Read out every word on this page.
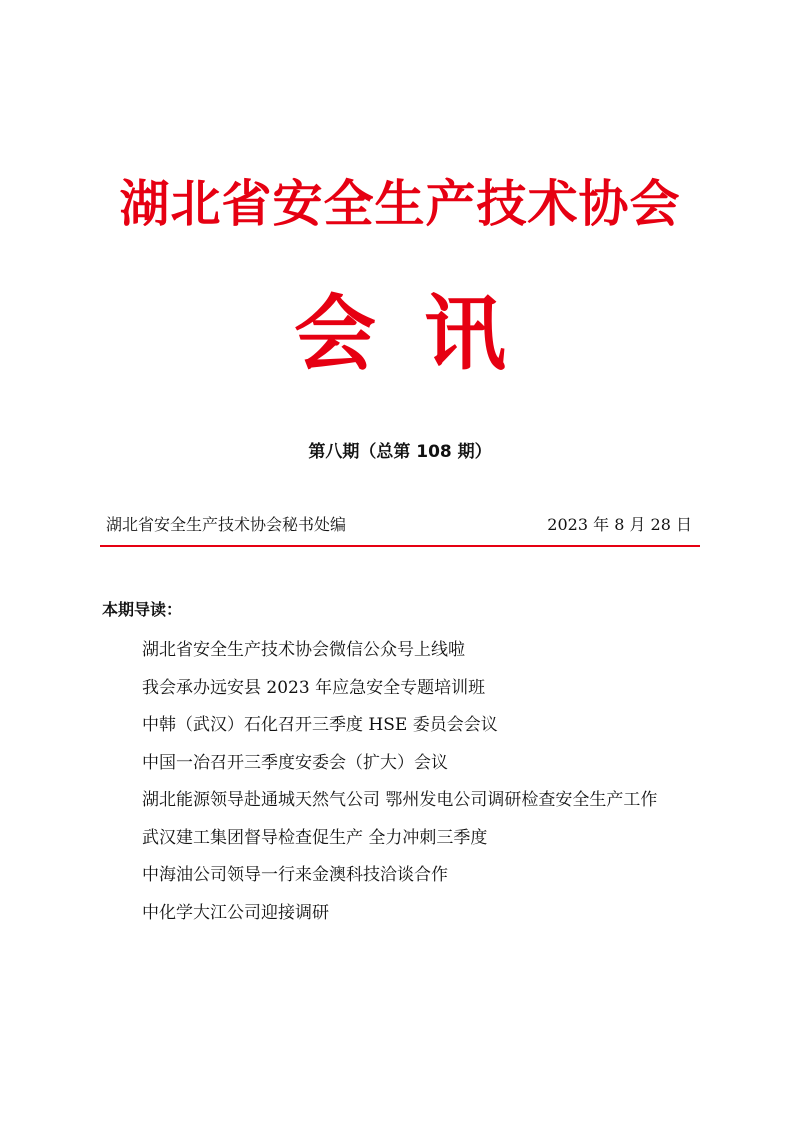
湖北省安全生产技术协会
会讯
第八期（总第 108 期）
湖北省安全生产技术协会秘书处编	2023 年 8 月 28 日
本期导读：
湖北省安全生产技术协会微信公众号上线啦
我会承办远安县 2023 年应急安全专题培训班
中韩（武汉）石化召开三季度 HSE 委员会会议
中国一冶召开三季度安委会（扩大）会议
湖北能源领导赴通城天然气公司 鄂州发电公司调研检查安全生产工作
武汉建工集团督导检查促生产 全力冲刺三季度
中海油公司领导一行来金澳科技洽谈合作
中化学大江公司迎接调研
